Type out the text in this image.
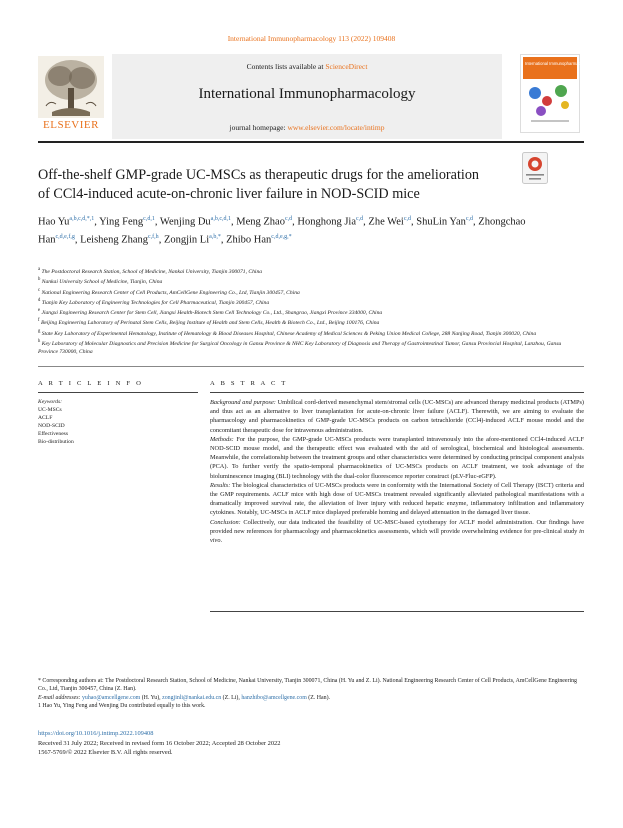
International Immunopharmacology 113 (2022) 109408
Contents lists available at ScienceDirect
International Immunopharmacology
journal homepage: www.elsevier.com/locate/intimp
ELSEVIER
International Immunopharmacology
Off-the-shelf GMP-grade UC-MSCs as therapeutic drugs for the amelioration
of CCl4-induced acute-on-chronic liver failure in NOD-SCID mice
Hao $Yu^{a,b,c,d,*,1}$, Ying Feng$^{c,d,1}$, Wenjing Du$^{a,b,c,d,1}$, Meng Zhao$^{c,d}$, Honghong Jia$^{c,d}$, Zhe Wei$^{c,d}$, ShuLin Yan$^{c,d}$, Zhongchao Han$^{c,d,e,f,g}$, Leisheng Zhang$^{c,f,h}$, Zongjin $Li^{a,b,*}$, Zhibo Han$^{c,d,e,g,*}$
$^a$ The Postdoctoral Research Station, School of Medicine, Nankai University, Tianjin 300071, China
$^b$ Nankai University School of Medicine, Tianjin, China
$^c$ National Engineering Research Center of Cell Products, AmCellGene Engineering Co., Ltd, Tianjin 300457, China
$^d$ Tianjin Key Laboratory of Engineering Technologies for Cell Pharmaceutical, Tianjin 300457, China
$^e$ Jiangxi Engineering Research Center for Stem Cell, Jiangxi Health-Biotech Stem Cell Technology Co., Ltd., Shangrao, Jiangxi Province 334000, China
$^f$ Beijing Engineering Laboratory of Perinatal Stem Cells, Beijing Institute of Health and Stem Cells, Health & Biotech Co., Ltd., Beijing 100176, China
$^g$ State Key Laboratory of Experimental Hematology, Institute of Hematology & Blood Diseases Hospital, Chinese Academy of Medical Sciences & Peking Union Medical College, 288 Nanjing Road, Tianjin 300020, China
$^h$ Key Laboratory of Molecular Diagnostics and Precision Medicine for Surgical Oncology in Gansu Province & NHC Key Laboratory of Diagnosis and Therapy of Gastrointestinal Tumor, Gansu Provincial Hospital, Lanzhou, Gansu Province 730000, China
A R T I C L E I N F O	A B S T R A C T
Keywords:
UC-MSCs
ACLF
NOD-SCID
Effectiveness
Bio-distribution

Background and purpose: Umbilical cord-derived mesenchymal stem/stromal cells (UC-MSCs) are advanced therapy medicinal products (ATMPs) and thus act as an alternative to liver transplantation for acute-on-chronic liver failure (ACLF). Therewith, we are aiming to evaluate the pharmacology and pharmacokinetics of GMP-grade UC-MSCs products on carbon tetrachloride (CCl4)-induced ACLF mouse model and the concomitant therapeutic dose for intravenous administration.

Methods: For the purpose, the GMP-grade UC-MSCs products were transplanted intravenously into the afore-mentioned CCl4-induced ACLF NOD-SCID mouse model, and the therapeutic effect was evaluated with the aid of serological, biochemical and histological assessments. Meanwhile, the correlationship between the treatment groups and other characteristics were determined by conducting principal component analysis (PCA). To further verify the spatio-temporal pharmacokinetics of UC-MSCs products on ACLF treatment, we took advantage of the bioluminescence imaging (BLI) technology with the dual-color fluorescence reporter construct (pLV-Fluc-eGFP).

Results: The biological characteristics of UC-MSCs products were in conformity with the International Society of Cell Therapy (ISCT) criteria and the GMP requirements. ACLF mice with high dose of UC-MSCs treatment revealed significantly alleviated pathological manifestations with a dramatically improved survival rate, the alleviation of liver injury with reduced hepatic enzyme, inflammatory infiltration and inflammatory cytokines. Notably, UC-MSCs in ACLF mice displayed preferable homing and delayed attenuation in the damaged liver tissue.

Conclusion: Collectively, our data indicated the feasibility of UC-MSC-based cytotherapy for ACLF model administration. Our findings have provided new references for pharmacology and pharmacokinetics assessments, which will provide overwhelming evidence for pre-clinical study in vivo.

* Corresponding authors at: The Postdoctoral Research Station, School of Medicine, Nankai University, Tianjin 300071, China (H. Yu and Z. Li). National Engineering Research Center of Cell Products, AmCellGene Engineering Co., Ltd, Tianjin 300457, China (Z. Han).
E-mail addresses: yuhao@amcellgene.com (H. Yu), zongjinli@nankai.edu.cn (Z. Li), hanzhibo@amcellgene.com (Z. Han).
1 Hao Yu, Ying Feng and Wenjing Du contributed equally to this work.
https://doi.org/10.1016/j.intimp.2022.109408
Received 31 July 2022; Received in revised form 16 October 2022; Accepted 28 October 2022
1567-5769/© 2022 Elsevier B.V. All rights reserved.
